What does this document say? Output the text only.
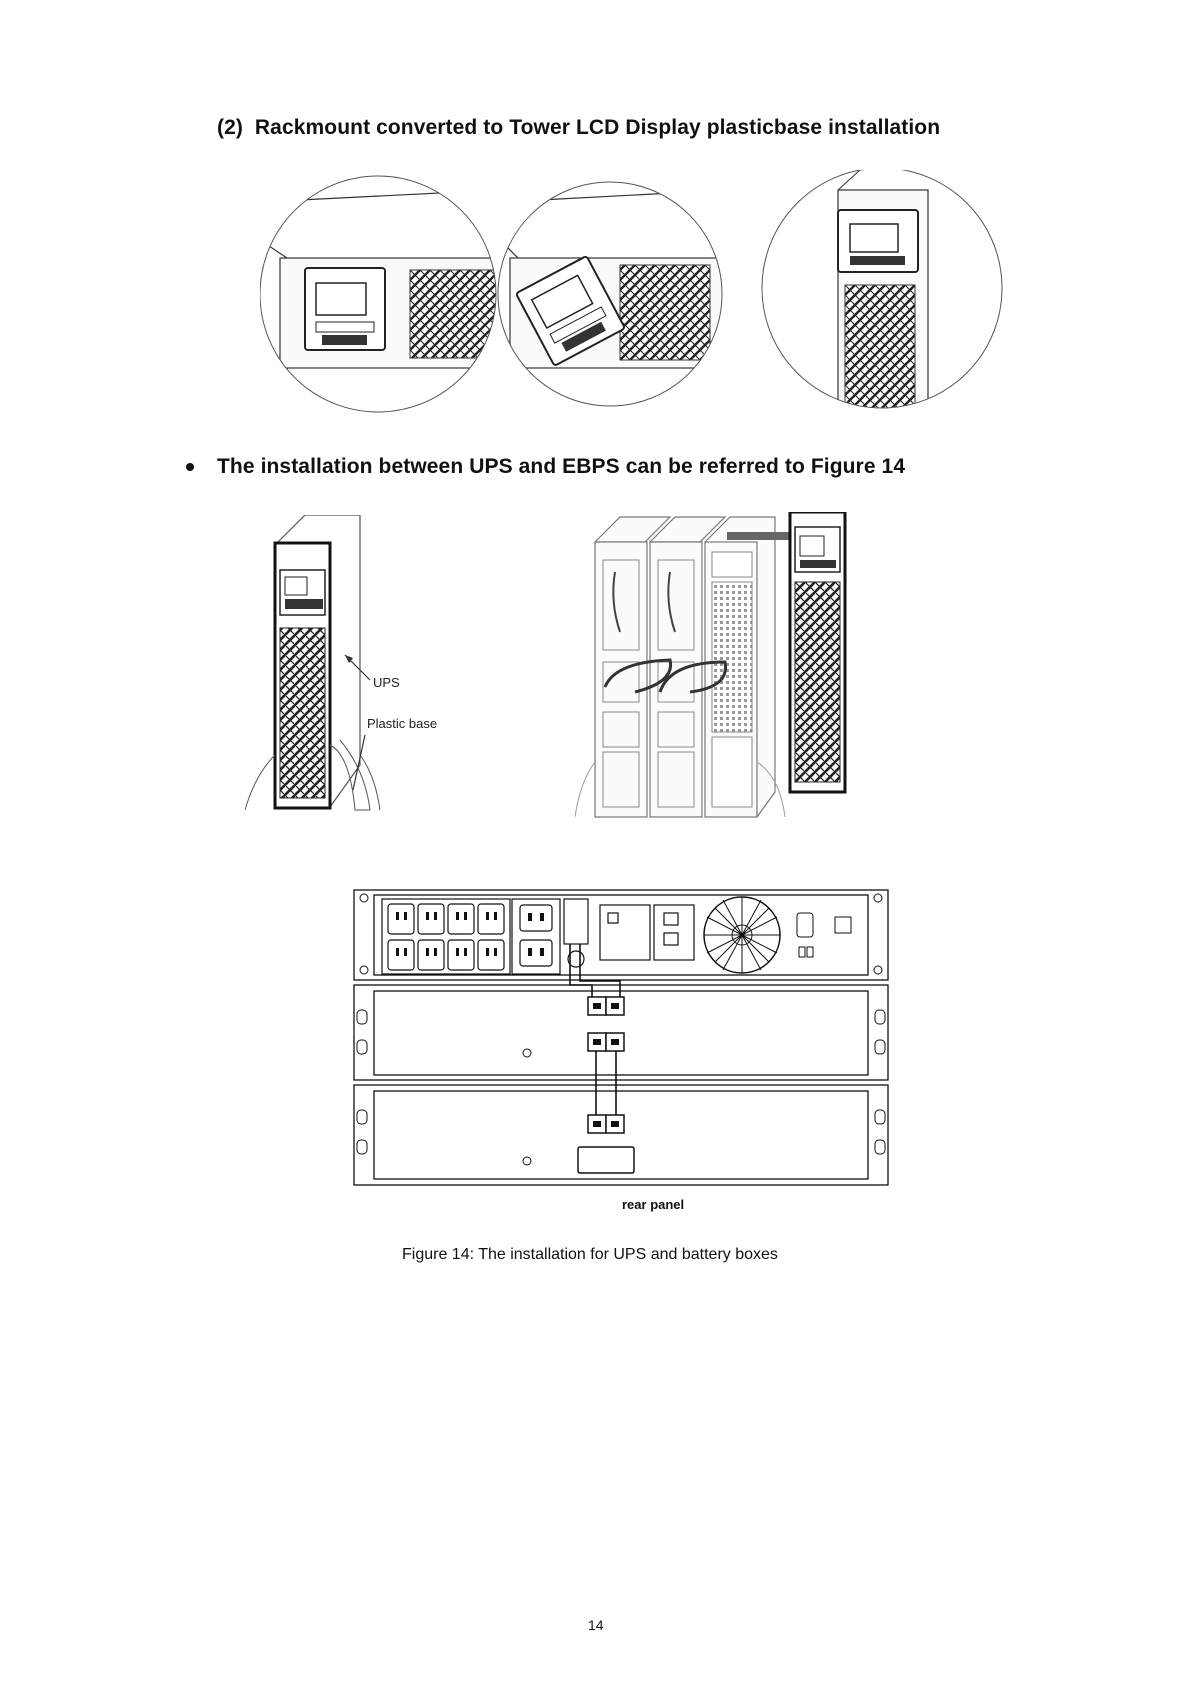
(2) Rackmount converted to Tower LCD Display plasticbase installation
The installation between UPS and EBPS can be referred to Figure 14
UPS
Plastic base
rear panel
Figure 14: The installation for UPS and battery boxes
14
